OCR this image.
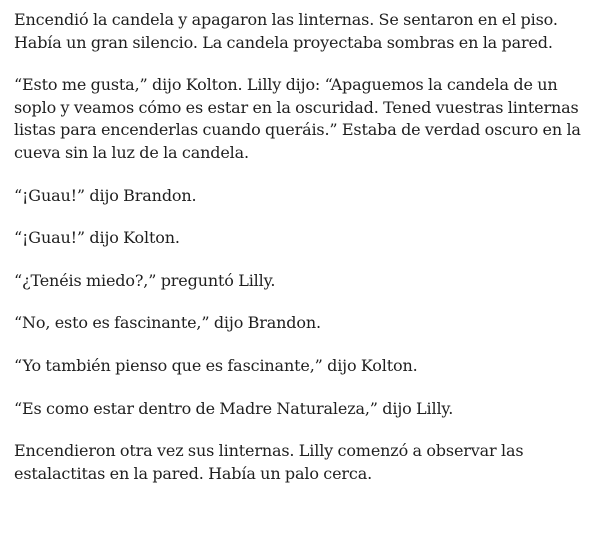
Encendió la candela y apagaron las linternas. Se sentaron en el piso. Había un gran silencio. La candela proyectaba sombras en la pared.

“Esto me gusta,” dijo Kolton. Lilly dijo: “Apaguemos la candela de un soplo y veamos cómo es estar en la oscuridad. Tened vuestras linternas listas para encenderlas cuando queráis.” Estaba de verdad oscuro en la cueva sin la luz de la candela.

“¡Guau!” dijo Brandon.

“¡Guau!” dijo Kolton.

“¿Tenéis miedo?,” preguntó Lilly.

“No, esto es fascinante,” dijo Brandon.

“Yo también pienso que es fascinante,” dijo Kolton.

“Es como estar dentro de Madre Naturaleza,” dijo Lilly.

Encendieron otra vez sus linternas. Lilly comenzó a observar las estalactitas en la pared. Había un palo cerca.
